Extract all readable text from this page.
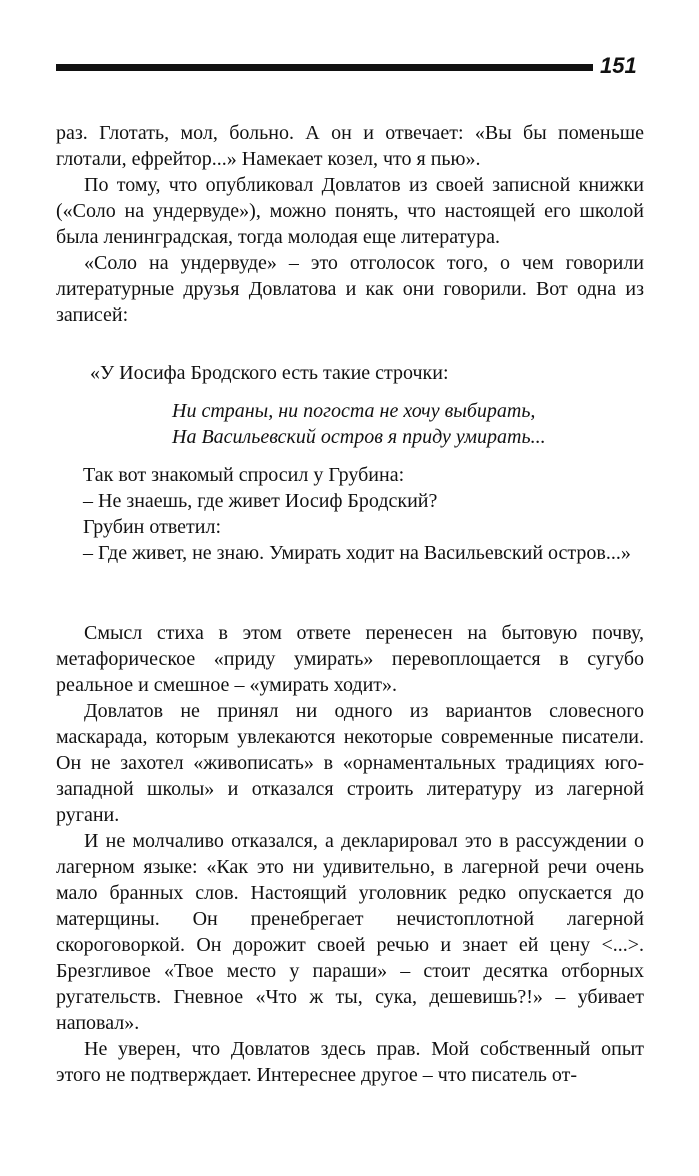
151

раз. Глотать, мол, больно. А он и отвечает: «Вы бы поменьше глотали, ефрейтор...» Намекает козел, что я пью».

По тому, что опубликовал Довлатов из своей записной книжки («Соло на ундервуде»), можно понять, что настоящей его школой была ленинградская, тогда молодая еще литература.

«Соло на ундервуде» – это отголосок того, о чем говорили литературные друзья Довлатова и как они говорили. Вот одна из записей:

«У Иосифа Бродского есть такие строчки:
Ни страны, ни погоста не хочу выбирать,
На Васильевский остров я приду умирать...

Так вот знакомый спросил у Грубина:

– Не знаешь, где живет Иосиф Бродский?

Грубин ответил:

– Где живет, не знаю. Умирать ходит на Васильевский остров...»

Смысл стиха в этом ответе перенесен на бытовую почву, метафорическое «приду умирать» перевоплощается в сугубо реальное и смешное – «умирать ходит».

Довлатов не принял ни одного из вариантов словесного маскарада, которым увлекаются некоторые современные писатели. Он не захотел «живописать» в «орнаментальных традициях юго-западной школы» и отказался строить литературу из лагерной ругани.

И не молчаливо отказался, а декларировал это в рассуждении о лагерном языке: «Как это ни удивительно, в лагерной речи очень мало бранных слов. Настоящий уголовник редко опускается до матерщины. Он пренебрегает нечистоплотной лагерной скороговоркой. Он дорожит своей речью и знает ей цену <...>. Брезгливое «Твое место у параши» – стоит десятка отборных ругательств. Гневное «Что ж ты, сука, дешевишь?!» – убивает наповал».

Не уверен, что Довлатов здесь прав. Мой собственный опыт этого не подтверждает. Интереснее другое – что писатель от-
